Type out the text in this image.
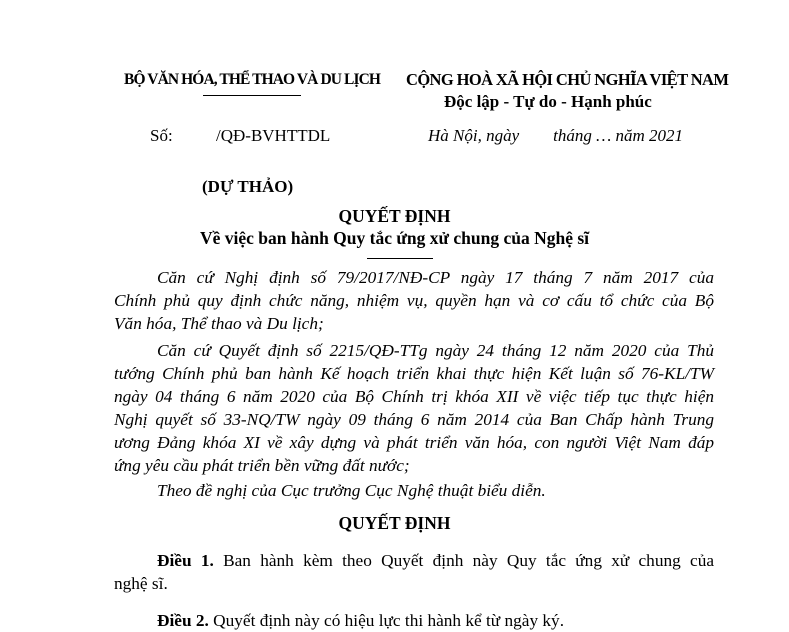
BỘ VĂN HÓA, THỂ THAO VÀ DU LỊCH CỘNG HOÀ XÃ HỘI CHỦ NGHĨA VIỆT NAM
Độc lập - Tự do - Hạnh phúc
Số:	/QĐ-BVHTTDL	Hà Nội, ngày        tháng … năm 2021
(DỰ THẢO)
QUYẾT ĐỊNH
Về việc ban hành Quy tắc ứng xử chung của Nghệ sĩ
Căn cứ Nghị định số 79/2017/NĐ-CP ngày 17 tháng 7 năm 2017 của
Chính phủ quy định chức năng, nhiệm vụ, quyền hạn và cơ cấu tổ chức của Bộ
Văn hóa, Thể thao và Du lịch;
Căn cứ Quyết định số 2215/QĐ-TTg ngày 24 tháng 12 năm 2020 của Thủ
tướng Chính phủ ban hành Kế hoạch triển khai thực hiện Kết luận số 76-KL/TW
ngày 04 tháng 6 năm 2020 của Bộ Chính trị khóa XII về việc tiếp tục thực hiện
Nghị quyết số 33-NQ/TW ngày 09 tháng 6 năm 2014 của Ban Chấp hành Trung
ương Đảng khóa XI về xây dựng và phát triển văn hóa, con người Việt Nam đáp
ứng yêu cầu phát triển bền vững đất nước;
Theo đề nghị của Cục trưởng Cục Nghệ thuật biểu diễn.
QUYẾT ĐỊNH
Điều 1. Ban hành kèm theo Quyết định này Quy tắc ứng xử chung của
nghệ sĩ.
Điều 2. Quyết định này có hiệu lực thi hành kể từ ngày ký.
